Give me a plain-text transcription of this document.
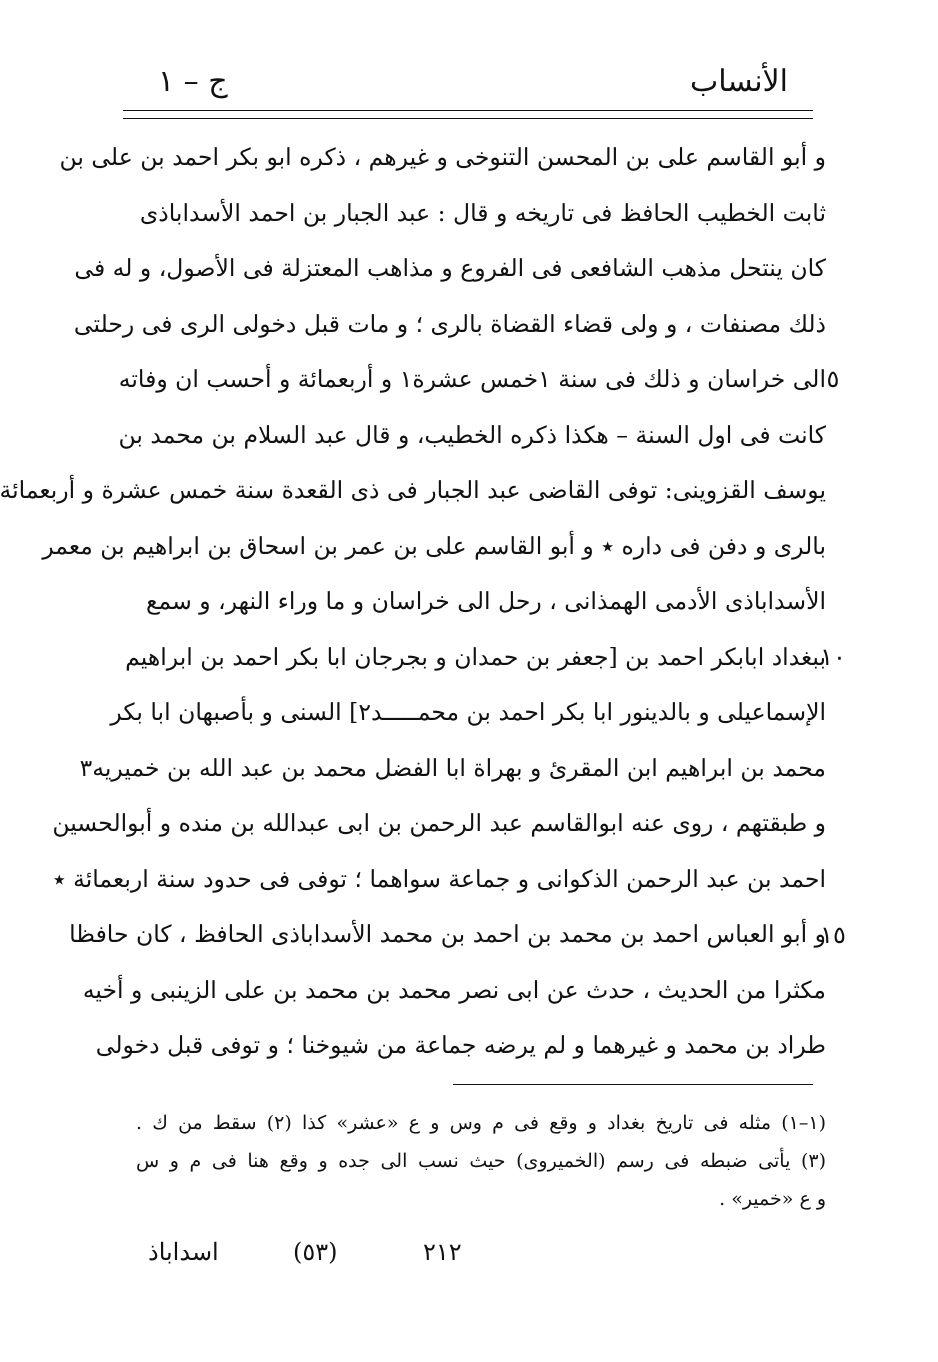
الأنساب
ج – ١
و أبو القاسم على بن المحسن التنوخى و غيرهم ، ذكره ابو بكر احمد بن على بن
ثابت الخطيب الحافظ فى تاريخه و قال : عبد الجبار بن احمد الأسداباذى
كان ينتحل مذهب الشافعى فى الفروع و مذاهب المعتزلة فى الأصول، و له فى
ذلك مصنفات ، و ولى قضاء القضاة بالرى ؛ و مات قبل دخولى الرى فى رحلتى
الى خراسان و ذلك فى سنة ١خمس عشرة١ و أربعمائة و أحسب ان وفاته
كانت فى اول السنة – هكذا ذكره الخطيب، و قال عبد السلام بن محمد بن
يوسف القزوينى: توفى القاضى عبد الجبار فى ذى القعدة سنة خمس عشرة و أربعمائة
بالرى و دفن فى داره ٭ و أبو القاسم على بن عمر بن اسحاق بن ابراهيم بن معمر
الأسداباذى الأدمى الهمذانى ، رحل الى خراسان و ما وراء النهر، و سمع
ببغداد ابابكر احمد بن [جعفر بن حمدان و بجرجان ابا بكر احمد بن ابراهيم
الإسماعيلى و بالدينور ابا بكر احمد بن محمـــــد٢] السنى و بأصبهان ابا بكر
محمد بن ابراهيم ابن المقرئ و بهراة ابا الفضل محمد بن عبد الله بن خميريه٣
و طبقتهم ، روى عنه ابوالقاسم عبد الرحمن بن ابى عبدالله بن منده و أبوالحسين
احمد بن عبد الرحمن الذكوانى و جماعة سواهما ؛ توفى فى حدود سنة اربعمائة ٭
و أبو العباس احمد بن محمد بن احمد بن محمد الأسداباذى الحافظ ، كان حافظا
مكثرا من الحديث ، حدث عن ابى نصر محمد بن محمد بن على الزينبى و أخيه
طراد بن محمد و غيرهما و لم يرضه جماعة من شيوخنا ؛ و توفى قبل دخولى
٥
١٠
١٥
(١–١) مثله فى تاريخ بغداد و وقع فى م وس و ع «عشر» كذا (٢) سقط من ك .
(٣) يأتى ضبطه فى رسم (الخميروى) حيث نسب الى جده و وقع هنا فى م و س
و ع «خمير» .
اسداباذ	(٥٣)	٢١٢
